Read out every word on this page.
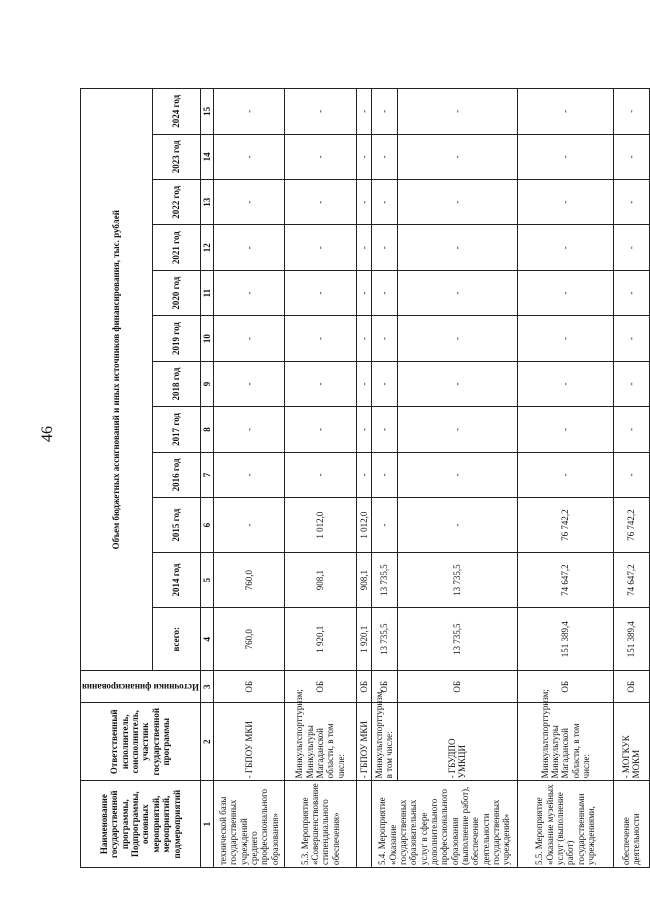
46
Наименование государственной программы, Подпрограммы, основных мероприятий, мероприятий, подмероприятий	Ответственный исполнитель, соисполнитель, участник государственной программы	Источники финансирования	Объем бюджетных ассигнований и иных источников финансирования, тыс. рублей											
			всего:	2014 год	2015 год	2016 год	2017 год	2018 год	2019 год	2020 год	2021 год	2022 год	2023 год	2024 год
1	2	3	4	5	6	7	8	9	10	11	12	13	14	15
технической базы государственных учреждений среднего профессионального образования»	- ГБПОУ МКИ	ОБ	760,0	760,0	-	-	-	-	-	-	-	-	-	-
5.3. Мероприятие «Совершенствование стипендиального обеспечения»	Минкультспорттуризм; Минкультуры Магаданской области, в том числе:	ОБ	1 920,1	908,1	1 012,0	-	-	-	-	-	-	-	-	-
	- ГБПОУ МКИ	ОБ	1 920,1	908,1	1 012,0	-	-	-	-	-	-	-	-	-
5.4. Мероприятие «Оказание государственных образовательных услуг в сфере дополнительного профессионального образования (выполнение работ), обеспечение деятельности государственных учреждений»	Минкультспорттуризм, в том числе:	ОБ	13 735,5	13 735,5	-	-	-	-	-	-	-	-	-	-
	- ГБУДПО УМКЦИ	ОБ	13 735,5	13 735,5	-	-	-	-	-	-	-	-	-	-
5.5. Мероприятие «Оказание музейных услуг (выполнение работ) государственными учреждениями,	Минкультспорттуризм; Минкультуры Магаданской области, в том числе:	ОБ	151 389,4	74 647,2	76 742,2	-	-	-	-	-	-	-	-	-
обеспечение деятельности	- МОГКУК МОКМ	ОБ	151 389,4	74 647,2	76 742,2	-	-	-	-	-	-	-	-	-
